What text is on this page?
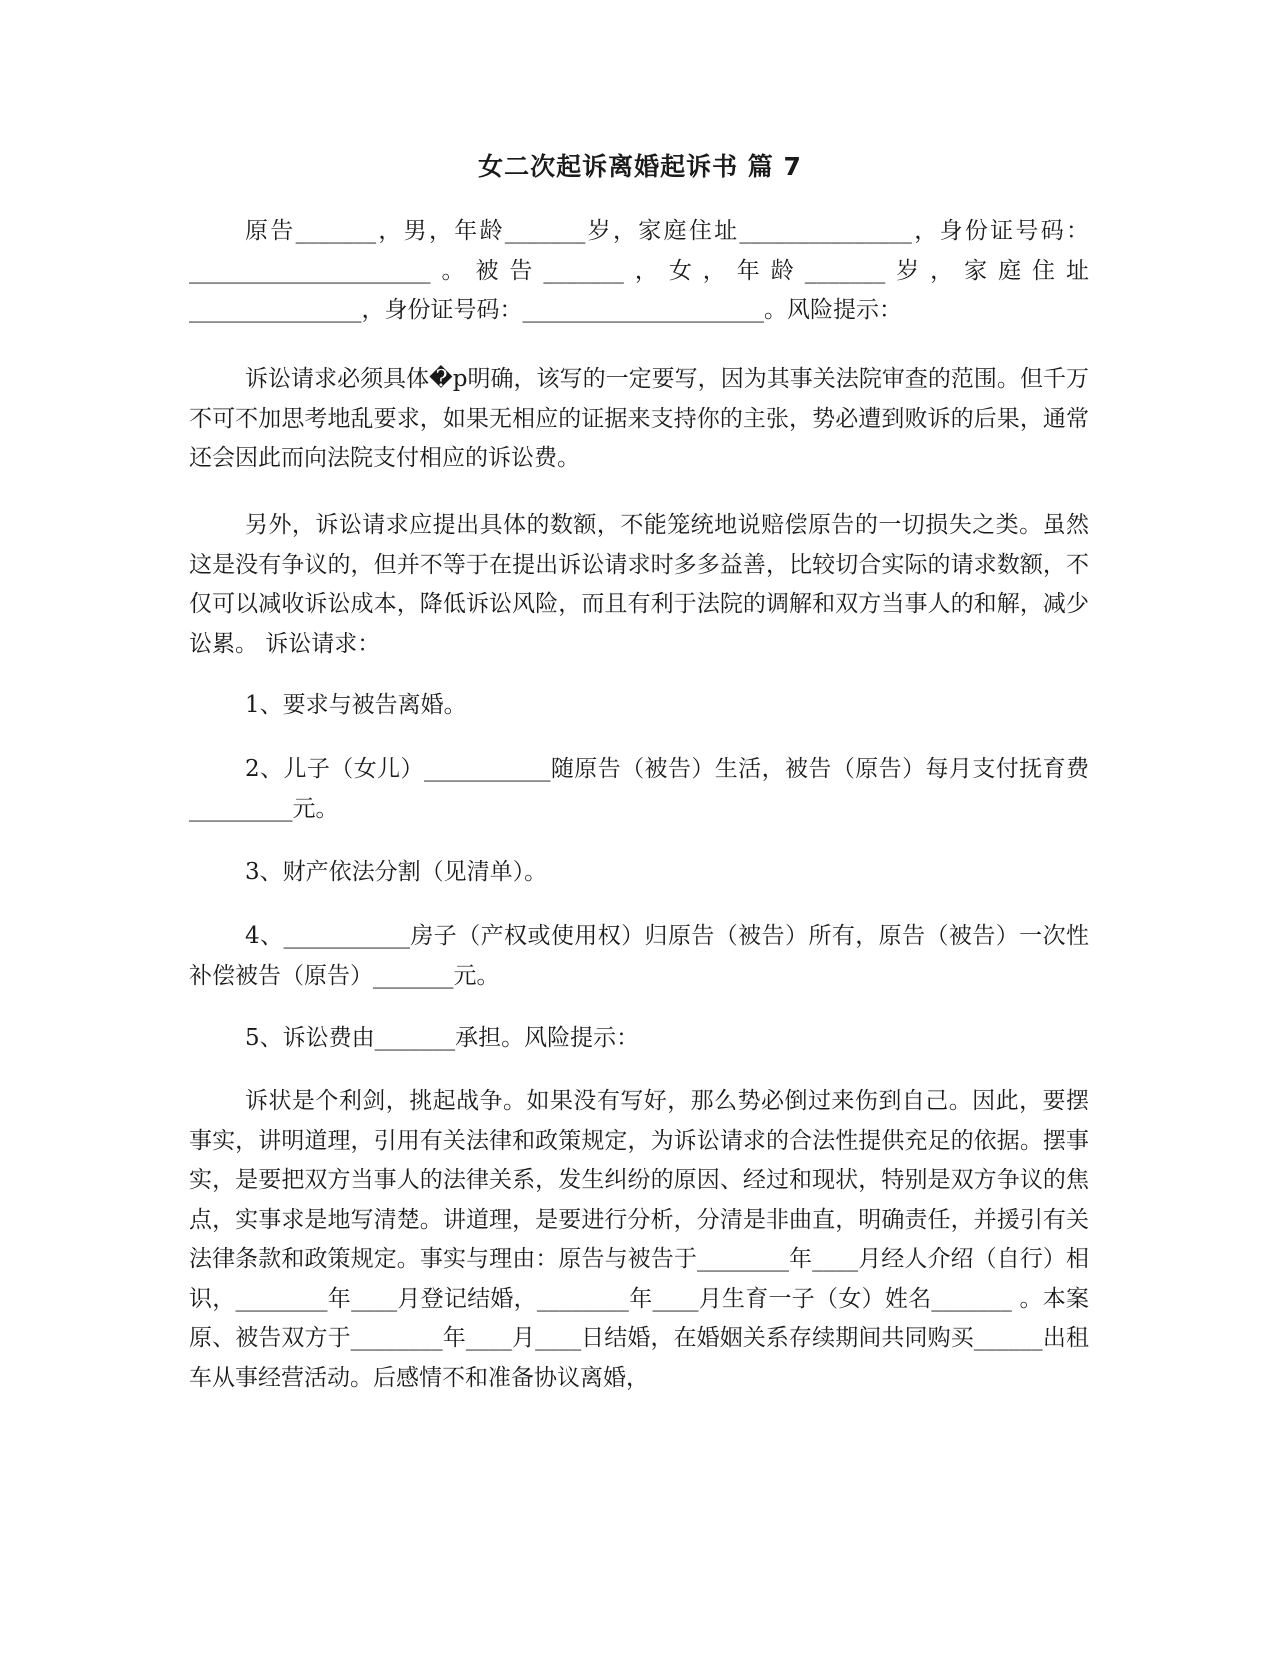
女二次起诉离婚起诉书 篇 7

原告_______，男，年龄_______岁，家庭住址_______________，身份证号码：_____________________。被告_______，女，年龄_______岁，家庭住址_______________，身份证号码：_____________________。风险提示：

诉讼请求必须具体�p明确，该写的一定要写，因为其事关法院审查的范围。但千万不可不加思考地乱要求，如果无相应的证据来支持你的主张，势必遭到败诉的后果，通常还会因此而向法院支付相应的诉讼费。

另外，诉讼请求应提出具体的数额，不能笼统地说赔偿原告的一切损失之类。虽然这是没有争议的，但并不等于在提出诉讼请求时多多益善，比较切合实际的请求数额，不仅可以减收诉讼成本，降低诉讼风险，而且有利于法院的调解和双方当事人的和解，减少讼累。 诉讼请求：

1、要求与被告离婚。

2、儿子（女儿）___________随原告（被告）生活，被告（原告）每月支付抚育费_________元。

3、财产依法分割（见清单）。

4、___________房子（产权或使用权）归原告（被告）所有，原告（被告）一次性补偿被告（原告）_______元。

5、诉讼费由_______承担。风险提示：

诉状是个利剑，挑起战争。如果没有写好，那么势必倒过来伤到自己。因此，要摆事实，讲明道理，引用有关法律和政策规定，为诉讼请求的合法性提供充足的依据。摆事实，是要把双方当事人的法律关系，发生纠纷的原因、经过和现状，特别是双方争议的焦点，实事求是地写清楚。讲道理，是要进行分析，分清是非曲直，明确责任，并援引有关法律条款和政策规定。事实与理由：原告与被告于________年____月经人介绍（自行）相识，________年____月登记结婚，________年____月生育一子（女）姓名_______ 。本案原、被告双方于________年____月____日结婚，在婚姻关系存续期间共同购买______出租车从事经营活动。后感情不和准备协议离婚，
